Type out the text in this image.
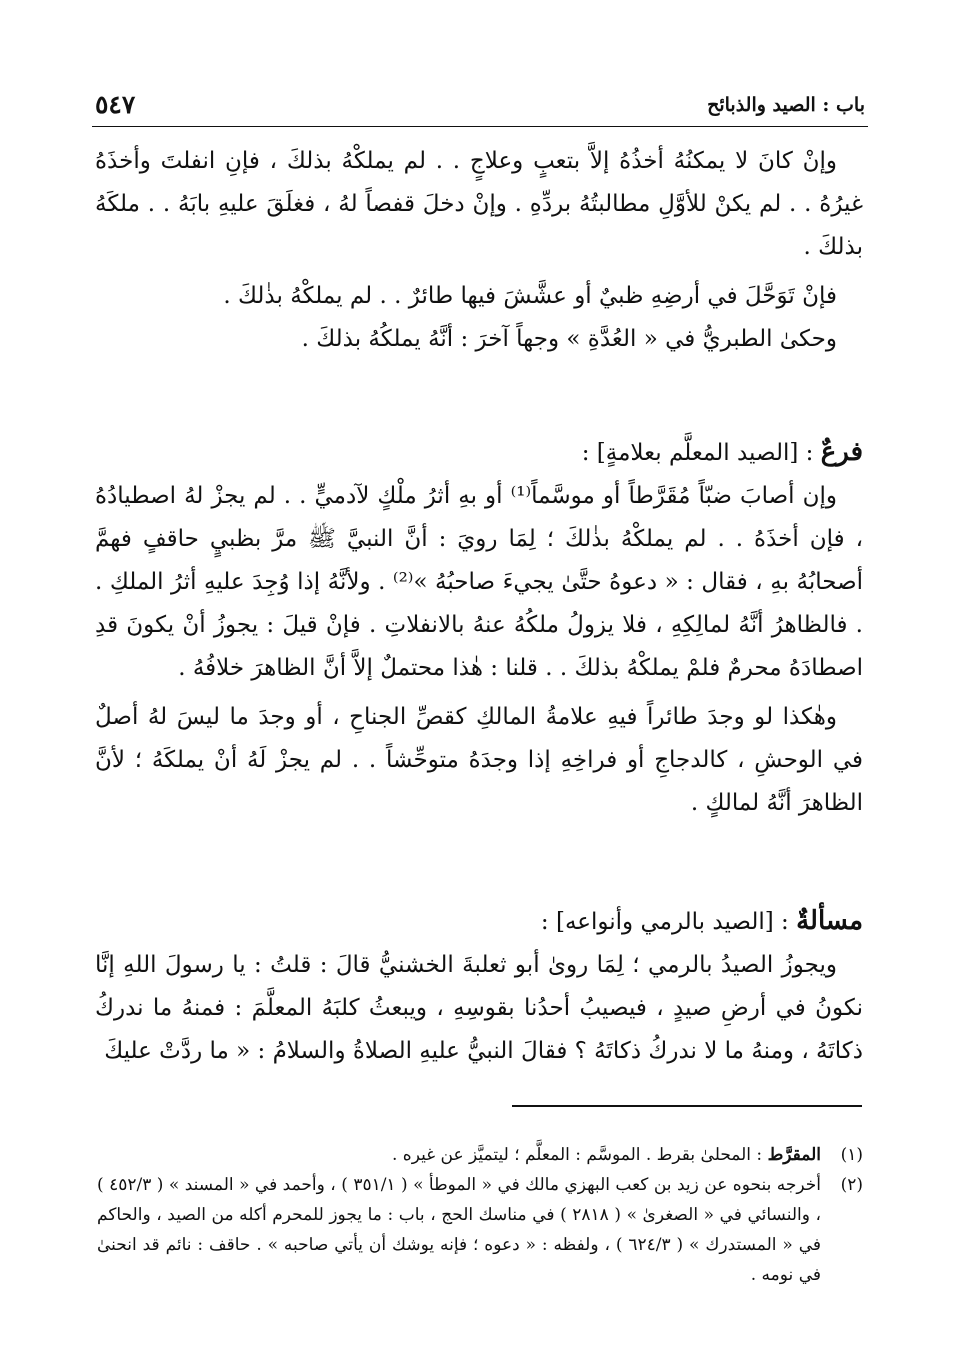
باب : الصيد والذبائح
٥٤٧

وإنْ كانَ لا يمكنُهُ أخذُهُ إلاَّ بتعبٍ وعلاجٍ . . لم يملكْهُ بذلكَ ، فإنِ انفلتَ وأخذَهُ غيرُهُ . . لم يكنْ للأوَّلِ مطالبتُهُ بردِّهِ . وإنْ دخلَ قفصاً لهُ ، فغلَقَ عليهِ بابَهُ . . ملكَهُ بذلكَ .

فإنْ تَوَحَّلَ في أرضِهِ ظبيٌ أو عشَّشَ فيها طائرٌ . . لم يملكْهُ بذٰلكَ .

وحكىٰ الطبريُّ في « العُدَّةِ » وجهاً آخرَ : أنَّهُ يملكُهُ بذلكَ .

فرعٌ : [الصيد المعلَّم بعلامةٍ] :

وإن أصابَ ضبّاً مُقَرَّطاً أو موسَّماً⁽¹⁾ أو بهِ أثرُ ملْكٍ لآدميٍّ . . لم يجزْ لهُ اصطيادُهُ ، فإن أخذَهُ . . لم يملكْهُ بذٰلكَ ؛ لِمَا رويَ : أنَّ النبيَّ ﷺ مرَّ بظبيٍ حاقفٍ فهمَّ أصحابُهُ بهِ ، فقال : « دعوهُ حتَّىٰ يجيءَ صاحبُهُ »⁽²⁾ . ولأنَّهُ إذا وُجِدَ عليهِ أثرُ الملكِ . . فالظاهرُ أنَّهُ لمالِكِهِ ، فلا يزولُ ملكُهُ عنهُ بالانفلاتِ . فإنْ قيلَ : يجوزُ أنْ يكونَ قدِ اصطادَهُ محرمٌ فلمْ يملكْهُ بذلكَ . . قلنا : هٰذا محتملٌ إلاَّ أنَّ الظاهرَ خلافُهُ .

وهٰكذا لو وجدَ طائراً فيهِ علامةُ المالكِ كقصِّ الجناحِ ، أو وجدَ ما ليسَ لهُ أصلٌ في الوحشِ ، كالدجاجِ أو فراخِهِ إذا وجدَهُ متوحِّشاً . . لم يجزْ لَهُ أنْ يملكَهُ ؛ لأنَّ الظاهرَ أنَّهُ لمالكٍ .

مسألةٌ : [الصيد بالرمي وأنواعه] :

ويجوزُ الصيدُ بالرمي ؛ لِمَا روىٰ أبو ثعلبةَ الخشنيُّ قالَ : قلتُ : يا رسولَ اللهِ إنَّا نكونُ في أرضِ صيدٍ ، فيصيبُ أحدُنا بقوسِهِ ، ويبعثُ كلبَهُ المعلَّمَ : فمنهُ ما ندركُ ذكاتَهُ ، ومنهُ ما لا ندركُ ذكاتَهُ ؟ فقالَ النبيُّ عليهِ الصلاةُ والسلامُ : « ما ردَّتْ عليكَ

(١)
المقرَّط : المحلىٰ بقرط . الموسَّم : المعلَّم ؛ ليتميَّز عن غيره .
(٢)
أخرجه بنحوه عن زيد بن كعب البهزي مالك في « الموطأ » ( ٣٥١/١ ) ، وأحمد في « المسند » ( ٤٥٢/٣ ) ، والنسائي في « الصغرىٰ » ( ٢٨١٨ ) في مناسك الحج ، باب : ما يجوز للمحرم أكله من الصيد ، والحاكم في « المستدرك » ( ٦٢٤/٣ ) ، ولفظه : « دعوه ؛ فإنه يوشك أن يأتي صاحبه » . حاقف : نائم قد انحنىٰ في نومه .
